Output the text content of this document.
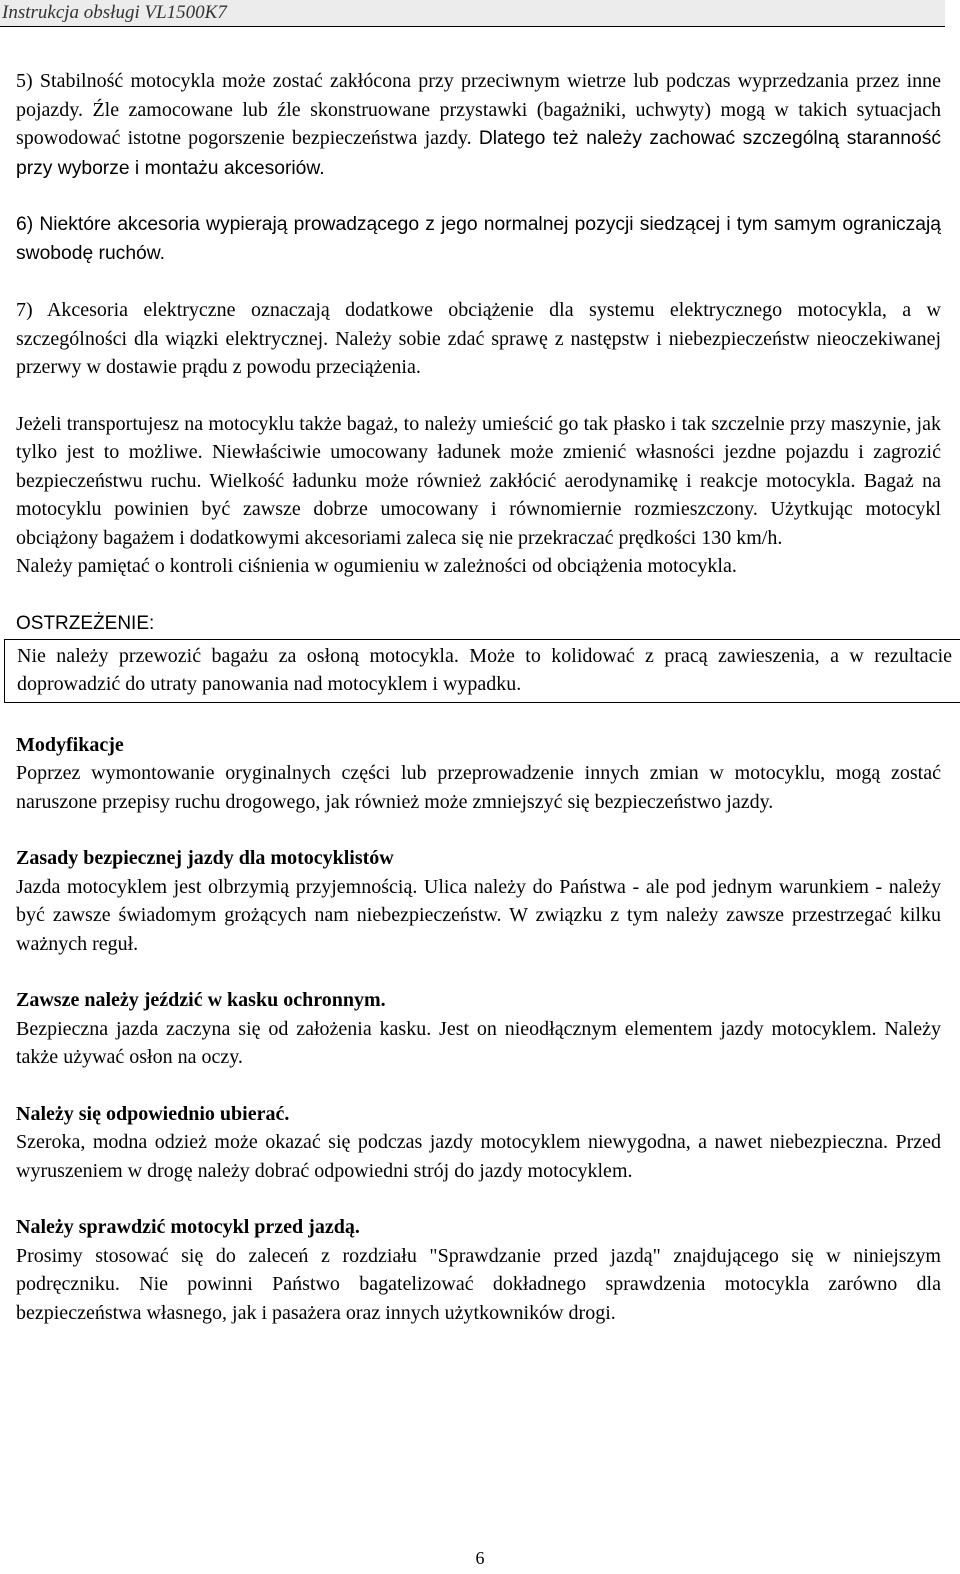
Instrukcja obsługi VL1500K7

5) Stabilność motocykla może zostać zakłócona przy przeciwnym wietrze lub podczas wyprzedzania przez inne pojazdy. Źle zamocowane lub źle skonstruowane przystawki (bagażniki, uchwyty) mogą w takich sytuacjach spowodować istotne pogorszenie bezpieczeństwa jazdy. Dlatego też należy zachować szczególną staranność przy wyborze i montażu akcesoriów.

6) Niektóre akcesoria wypierają prowadzącego z jego normalnej pozycji siedzącej i tym samym ograniczają swobodę ruchów.

7) Akcesoria elektryczne oznaczają dodatkowe obciążenie dla systemu elektrycznego motocykla, a w szczególności dla wiązki elektrycznej. Należy sobie zdać sprawę z następstw i niebezpieczeństw nieoczekiwanej przerwy w dostawie prądu z powodu przeciążenia.

Jeżeli transportujesz na motocyklu także bagaż, to należy umieścić go tak płasko i tak szczelnie przy maszynie, jak tylko jest to możliwe. Niewłaściwie umocowany ładunek może zmienić własności jezdne pojazdu i zagrozić bezpieczeństwu ruchu. Wielkość ładunku może również zakłócić aerodynamikę i reakcje motocykla. Bagaż na motocyklu powinien być zawsze dobrze umocowany i równomiernie rozmieszczony. Użytkując motocykl obciążony bagażem i dodatkowymi akcesoriami zaleca się nie przekraczać prędkości 130 km/h.

Należy pamiętać o kontroli ciśnienia w ogumieniu w zależności od obciążenia motocykla.

OSTRZEŻENIE:

Nie należy przewozić bagażu za osłoną motocykla. Może to kolidować z pracą zawieszenia, a w rezultacie doprowadzić do utraty panowania nad motocyklem i wypadku.

Modyfikacje

Poprzez wymontowanie oryginalnych części lub przeprowadzenie innych zmian w motocyklu, mogą zostać naruszone przepisy ruchu drogowego, jak również może zmniejszyć się bezpieczeństwo jazdy.

Zasady bezpiecznej jazdy dla motocyklistów

Jazda motocyklem jest olbrzymią przyjemnością. Ulica należy do Państwa - ale pod jednym warunkiem - należy być zawsze świadomym grożących nam niebezpieczeństw. W związku z tym należy zawsze przestrzegać kilku ważnych reguł.

Zawsze należy jeździć w kasku ochronnym.

Bezpieczna jazda zaczyna się od założenia kasku. Jest on nieodłącznym elementem jazdy motocyklem. Należy także używać osłon na oczy.

Należy się odpowiednio ubierać.

Szeroka, modna odzież może okazać się podczas jazdy motocyklem niewygodna, a nawet niebezpieczna. Przed wyruszeniem w drogę należy dobrać odpowiedni strój do jazdy motocyklem.

Należy sprawdzić motocykl przed jazdą.

Prosimy stosować się do zaleceń z rozdziału "Sprawdzanie przed jazdą" znajdującego się w niniejszym podręczniku. Nie powinni Państwo bagatelizować dokładnego sprawdzenia motocykla zarówno dla bezpieczeństwa własnego, jak i pasażera oraz innych użytkowników drogi.

6
